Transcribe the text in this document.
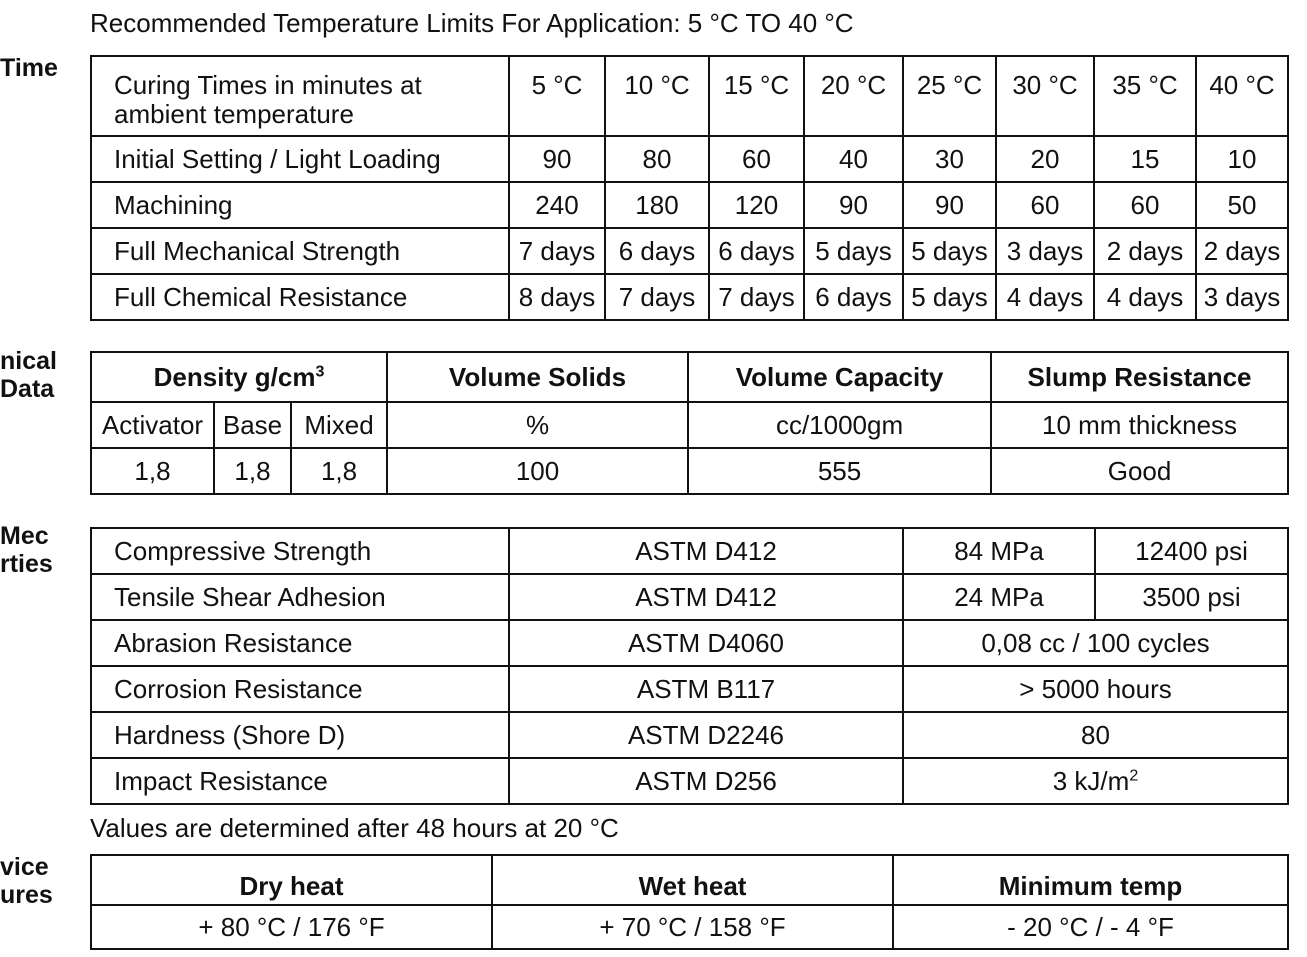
Recommended Temperature Limits For Application: 5 °C TO 40 °C
Time
nical
Data
Mec
rties
vice
ures
Curing Times in minutes at ambient temperature	5 °C	10 °C	15 °C	20 °C	25 °C	30 °C	35 °C	40 °C
Initial Setting / Light Loading	90	80	60	40	30	20	15	10
Machining	240	180	120	90	90	60	60	50
Full Mechanical Strength	7 days	6 days	6 days	5 days	5 days	3 days	2 days	2 days
Full Chemical Resistance	8 days	7 days	7 days	6 days	5 days	4 days	4 days	3 days
Density $g/cm^3$			Volume Solids	Volume Capacity	Slump Resistance
Activator	Base	Mixed	%	cc/1000gm	10 mm thickness
1,8	1,8	1,8	100	555	Good
Compressive Strength	ASTM D412	84 MPa	12400 psi
Tensile Shear Adhesion	ASTM D412	24 MPa	3500 psi
Abrasion Resistance	ASTM D4060	0,08 cc / 100 cycles	
Corrosion Resistance	ASTM B117	> 5000 hours	
Hardness (Shore D)	ASTM D2246	80	
Impact Resistance	ASTM D256	3 $kJ/m^2$
Values are determined after 48 hours at 20 °C
Dry heat	Wet heat	Minimum temp
+ 80 °C / 176 °F	+ 70 °C / 158 °F	- 20 °C / - 4 °F
